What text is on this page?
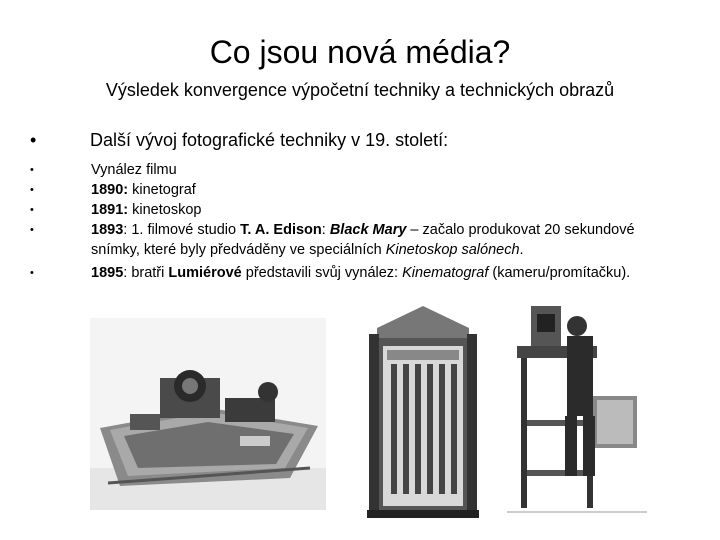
Co jsou nová média?
Výsledek konvergence výpočetní techniky a technických obrazů
•	Další vývoj fotografické techniky v 19. století:
•	Vynález filmu
•	1890: kinetograf
•	1891: kinetoskop
•	1893: 1. filmové studio T. A. Edison: Black Mary – začalo produkovat 20 sekundové snímky, které byly předváděny ve speciálních Kinetoskop salónech.
•	1895: bratři Lumiérové představili svůj vynález: Kinematograf (kameru/promítačku).
